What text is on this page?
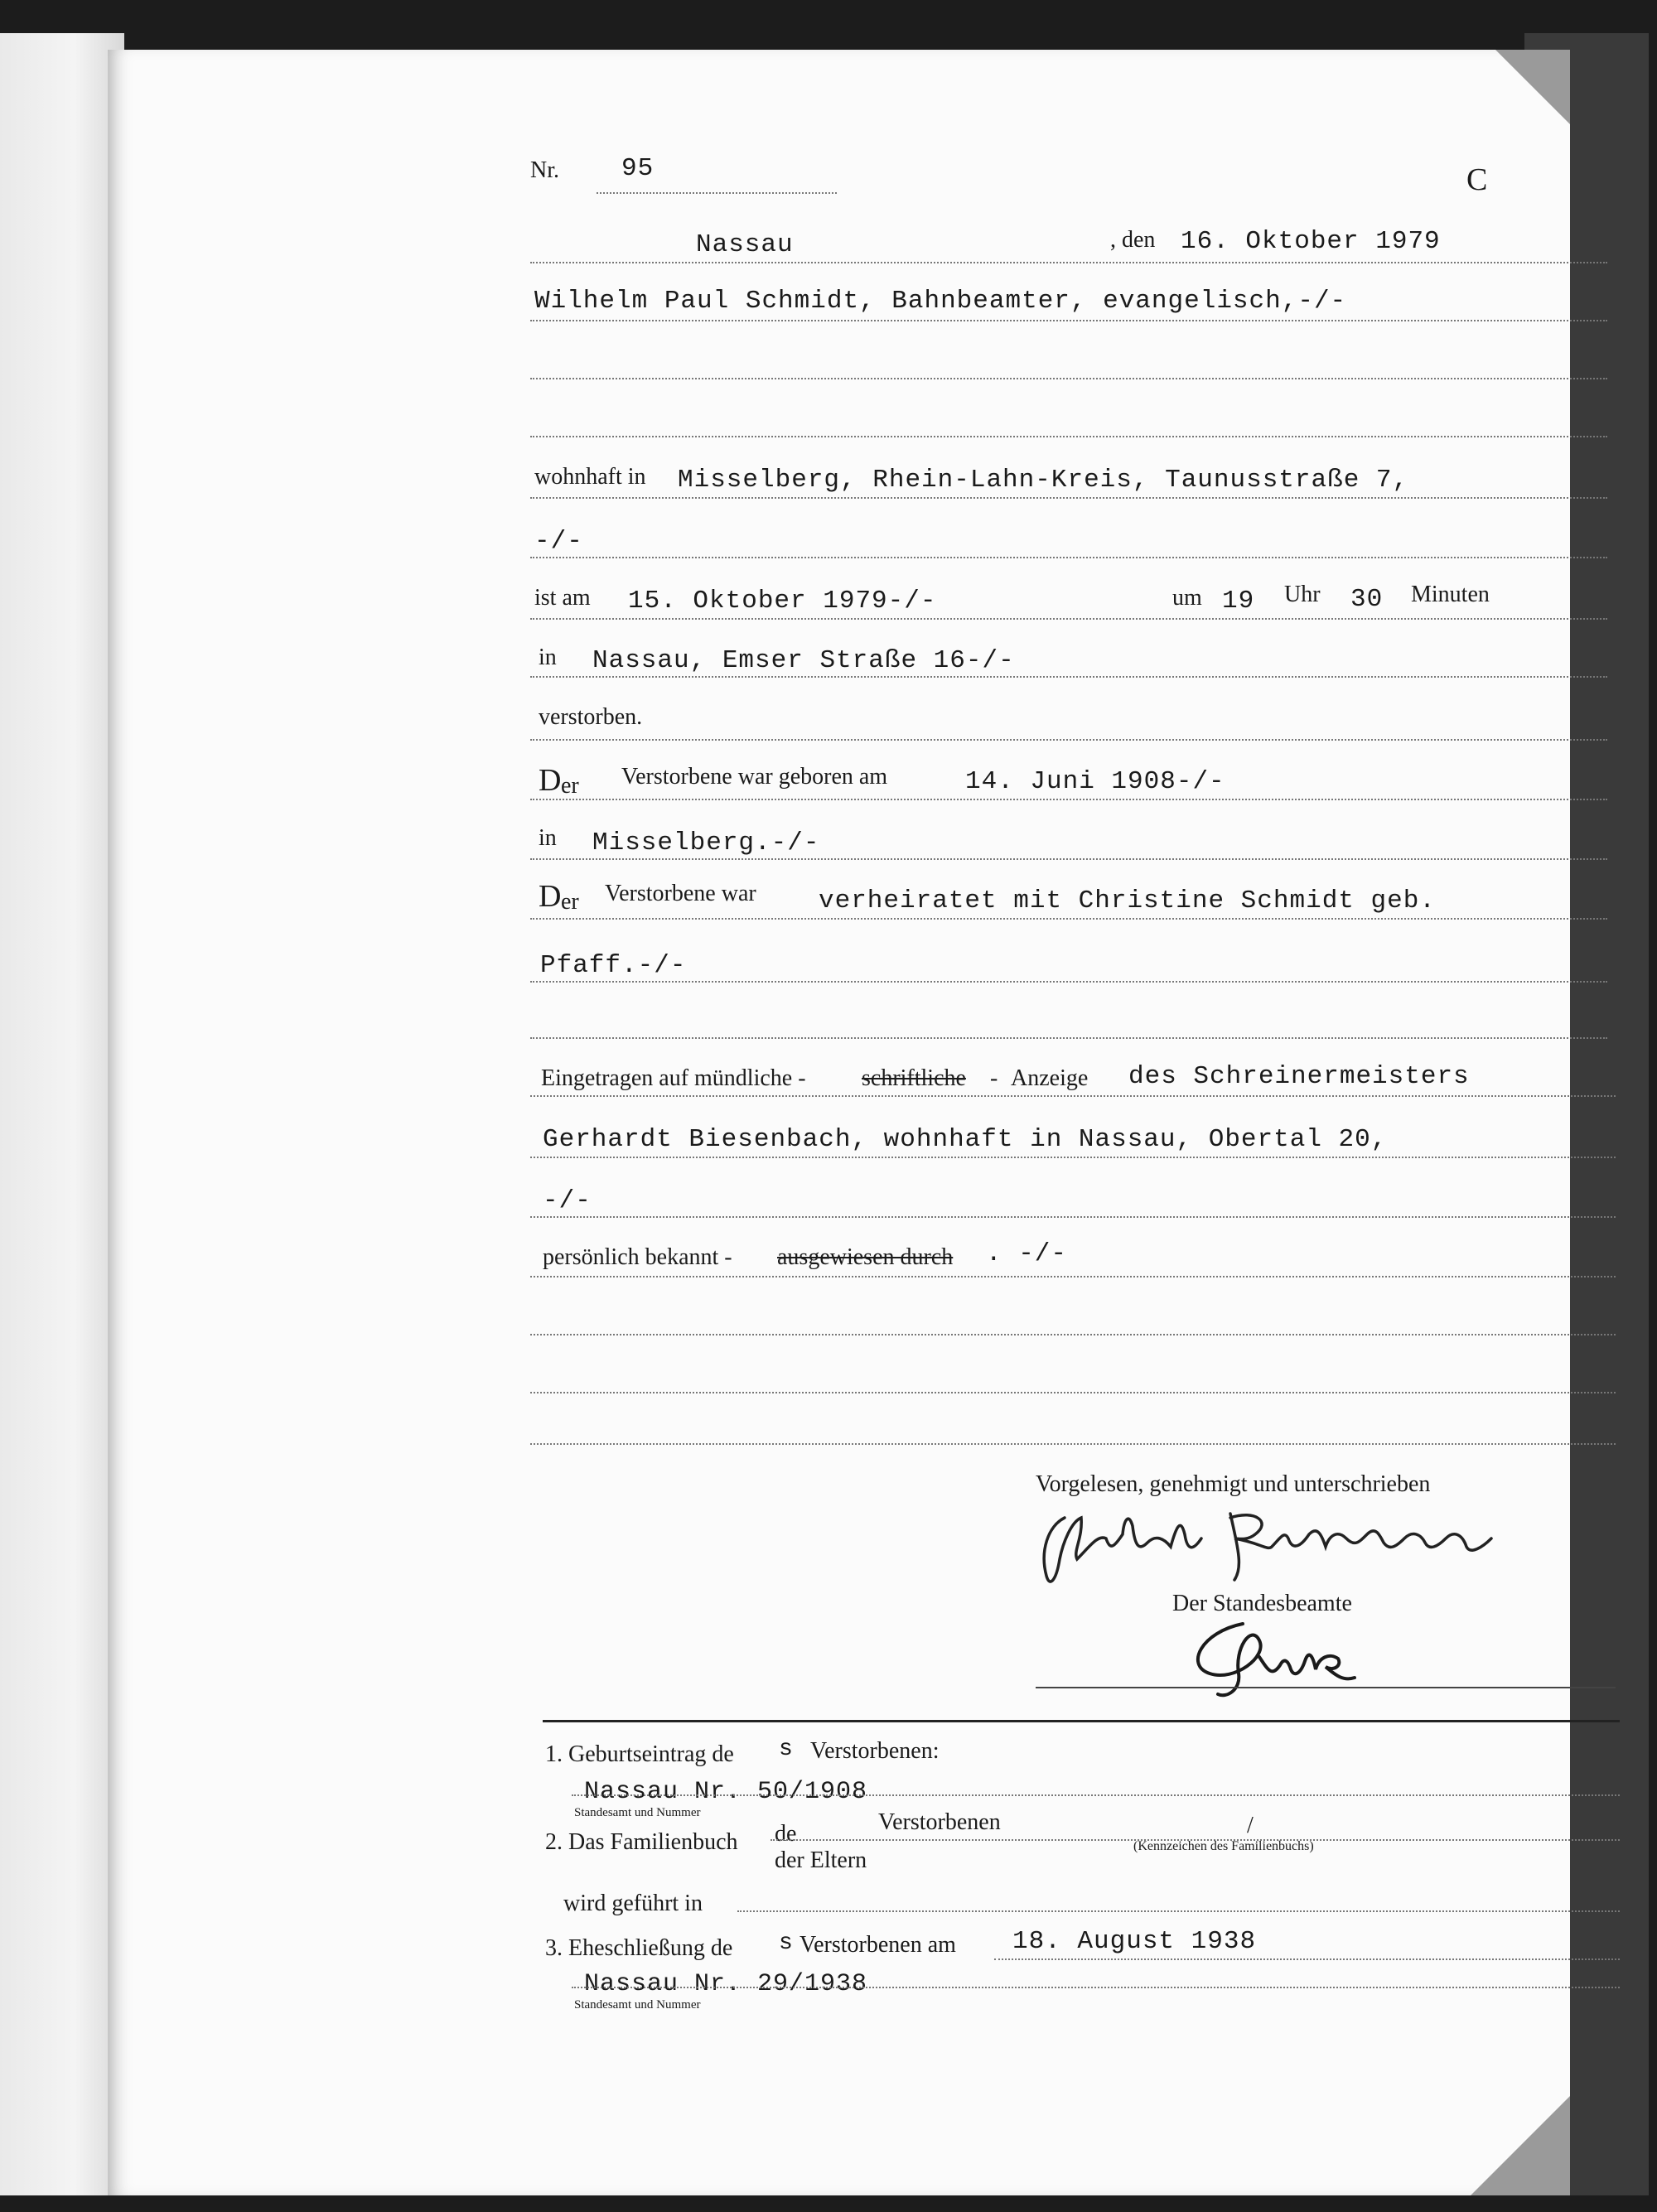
Nr. 95	C
Nassau	, den 16. Oktober 1979
Wilhelm Paul Schmidt, Bahnbeamter, evangelisch,-/-
wohnhaft in Misselberg, Rhein-Lahn-Kreis, Taunusstraße 7,
-/-
ist am 15. Oktober 1979-/-	um 19 Uhr 30 Minuten
in Nassau, Emser Straße 16-/-
verstorben.
D er Verstorbene war geboren am	14. Juni 1908-/-
in Misselberg.-/-
D er Verstorbene war verheiratet mit Christine Schmidt geb.
Pfaff.-/-
Eingetragen auf mündliche - schriftliche - Anzeige des Schreinermeisters
Gerhardt Biesenbach, wohnhaft in Nassau, Obertal 20,
-/-
persönlich bekannt - ausgewiesen durch . -/-
Vorgelesen, genehmigt und unterschrieben
Der Standesbeamte
1. Geburtseintrag de s Verstorbenen:
Nassau Nr. 50/1908
Standesamt und Nummer
2. Das Familienbuch de	Verstorbenen	/
der Eltern
(Kennzeichen des Familienbuchs)
wird geführt in
3. Eheschließung de s Verstorbenen am 18. August 1938
Nassau Nr. 29/1938
Standesamt und Nummer
